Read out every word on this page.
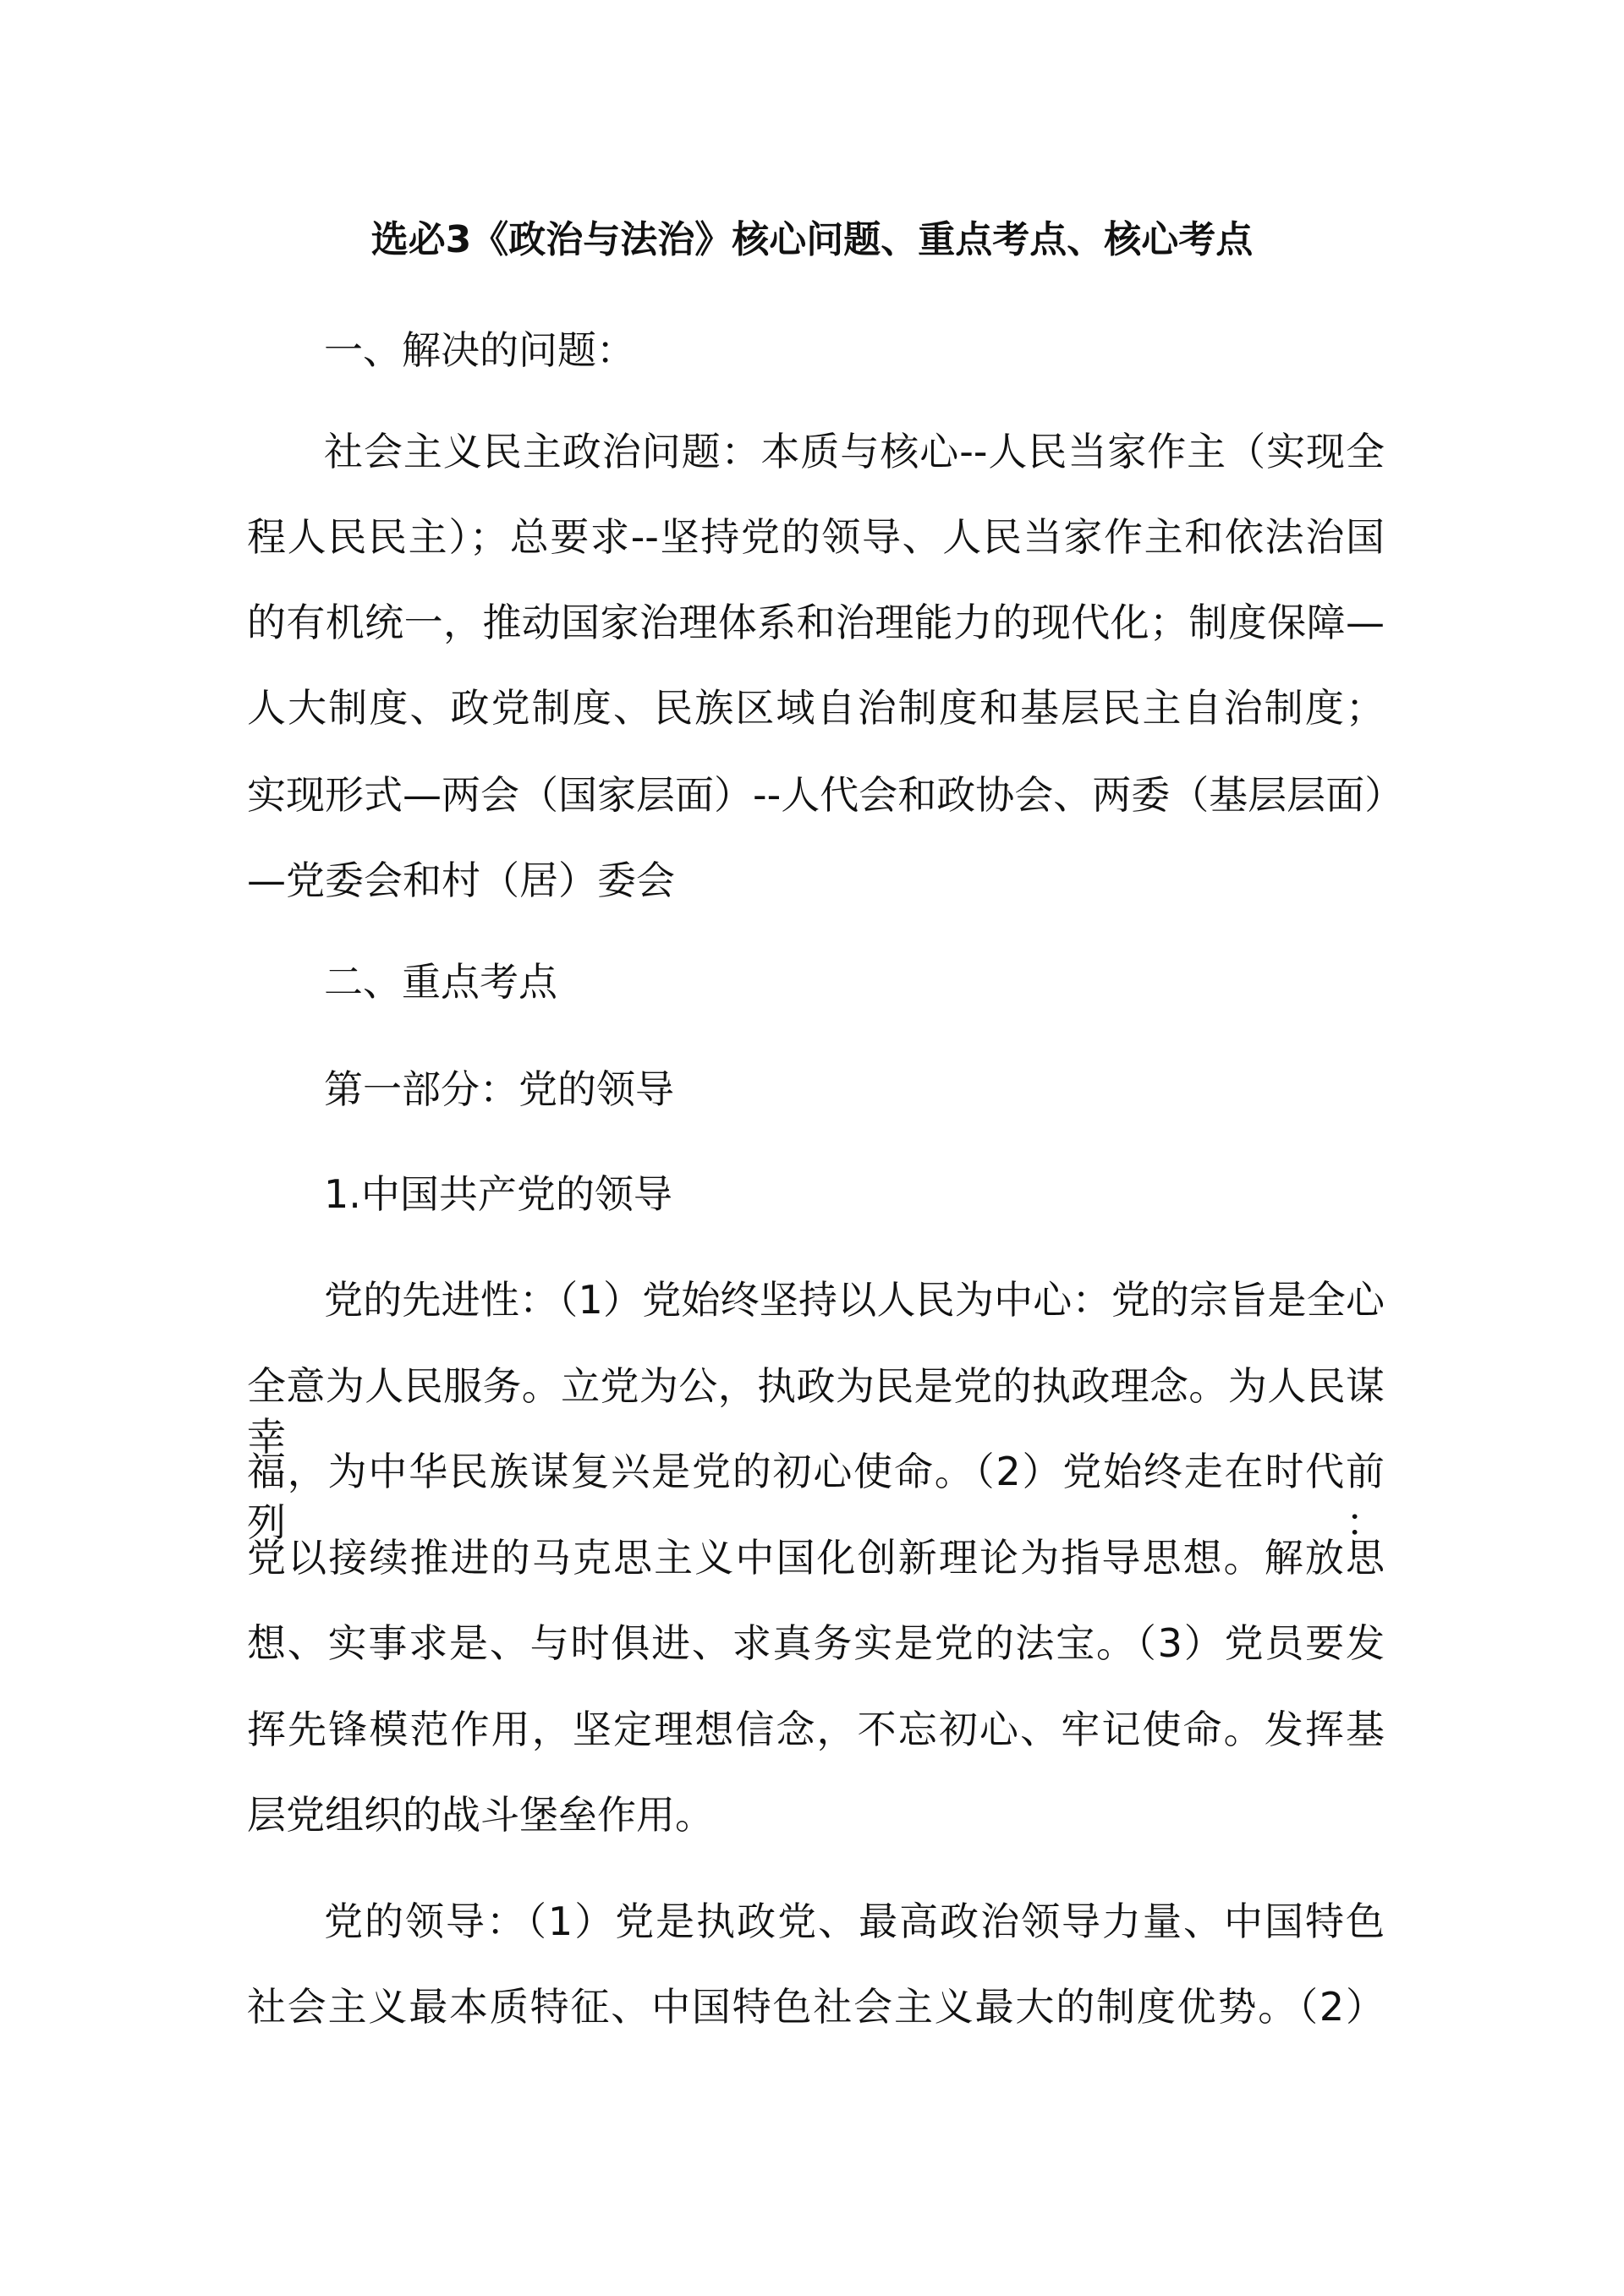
选必3《政治与法治》核心问题、重点考点、核心考点
一、解决的问题：
社会主义民主政治问题：本质与核心--人民当家作主（实现全
程人民民主）；总要求--坚持党的领导、人民当家作主和依法治国
的有机统一，推动国家治理体系和治理能力的现代化；制度保障—
人大制度、政党制度、民族区域自治制度和基层民主自治制度；
实现形式—两会（国家层面）--人代会和政协会、两委（基层层面）
—党委会和村（居）委会
二、重点考点
第一部分：党的领导
1.中国共产党的领导
党的先进性：（1）党始终坚持以人民为中心：党的宗旨是全心
全意为人民服务。立党为公，执政为民是党的执政理念。为人民谋幸
福，为中华民族谋复兴是党的初心使命。（2）党始终走在时代前列：
党以接续推进的马克思主义中国化创新理论为指导思想。解放思
想、实事求是、与时俱进、求真务实是党的法宝。（3）党员要发
挥先锋模范作用，坚定理想信念，不忘初心、牢记使命。发挥基
层党组织的战斗堡垒作用。
党的领导：（1）党是执政党、最高政治领导力量、中国特色
社会主义最本质特征、中国特色社会主义最大的制度优势。（2）
